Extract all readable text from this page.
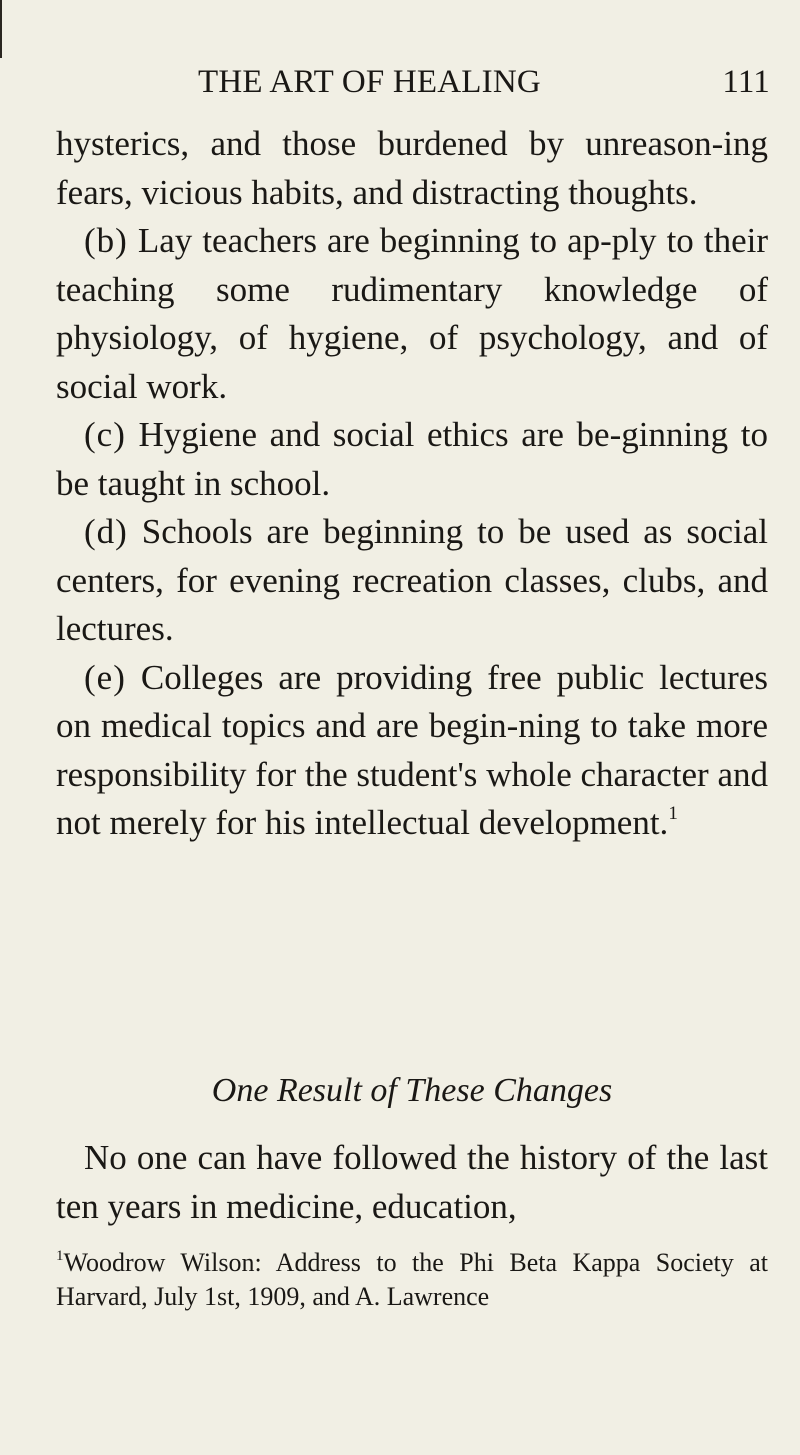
THE ART OF HEALING	111

hysterics, and those burdened by unreason-ing fears, vicious habits, and distracting thoughts.

(b) Lay teachers are beginning to ap-ply to their teaching some rudimentary knowledge of physiology, of hygiene, of psychology, and of social work.

(c) Hygiene and social ethics are be-ginning to be taught in school.

(d) Schools are beginning to be used as social centers, for evening recreation classes, clubs, and lectures.

(e) Colleges are providing free public lectures on medical topics and are begin-ning to take more responsibility for the student's whole character and not merely for his intellectual development.$^1$

One Result of These Changes

No one can have followed the history of the last ten years in medicine, education,

$^1$Woodrow Wilson: Address to the Phi Beta Kappa Society at Harvard, July 1st, 1909, and A. Lawrence
